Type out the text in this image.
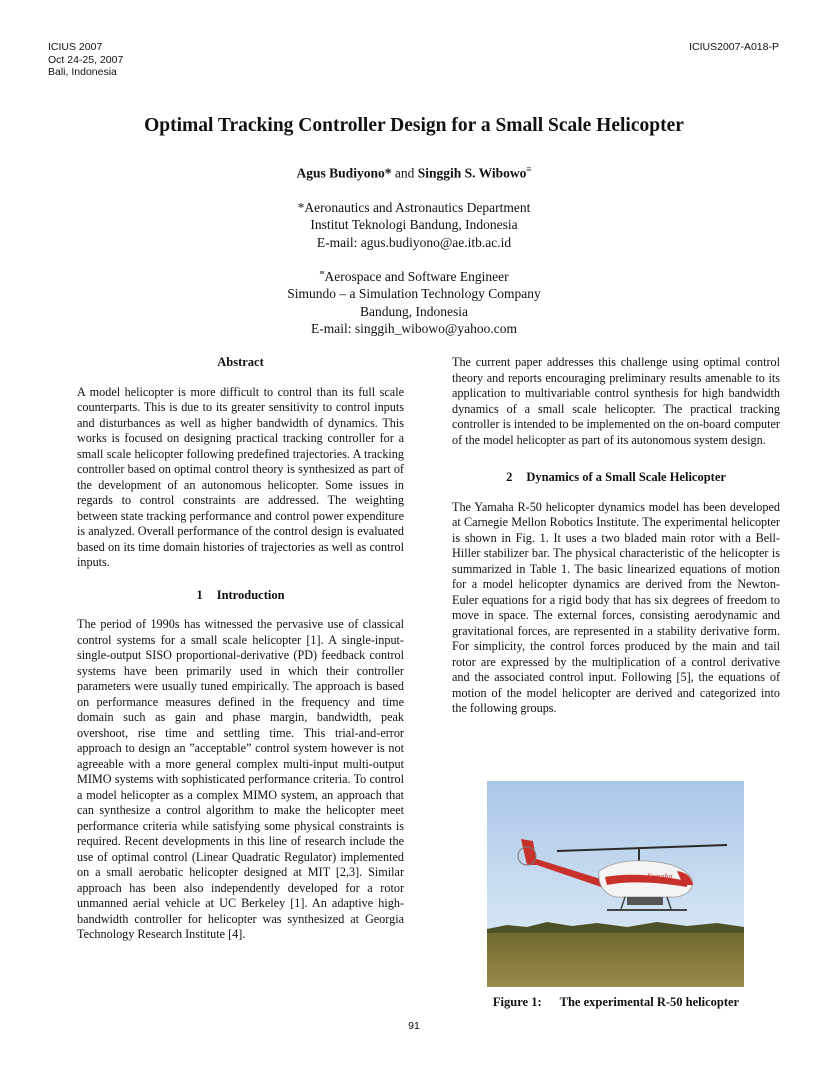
ICIUS 2007
Oct 24-25, 2007
Bali, Indonesia
ICIUS2007-A018-P
Optimal Tracking Controller Design for a Small Scale Helicopter
Agus Budiyono* and Singgih S. Wibowo≡
*Aeronautics and Astronautics Department
Institut Teknologi Bandung, Indonesia
E-mail: agus.budiyono@ae.itb.ac.id
≡Aerospace and Software Engineer
Simundo – a Simulation Technology Company
Bandung, Indonesia
E-mail: singgih_wibowo@yahoo.com
Abstract

A model helicopter is more difficult to control than its full scale counterparts. This is due to its greater sensitivity to control inputs and disturbances as well as higher bandwidth of dynamics. This works is focused on designing practical tracking controller for a small scale helicopter following predefined trajectories. A tracking controller based on optimal control theory is synthesized as part of the development of an autonomous helicopter. Some issues in regards to control constraints are addressed. The weighting between state tracking performance and control power expenditure is analyzed. Overall performance of the control design is evaluated based on its time domain histories of trajectories as well as control inputs.

1 Introduction

The period of 1990s has witnessed the pervasive use of classical control systems for a small scale helicopter [1]. A single-input-single-output SISO proportional-derivative (PD) feedback control systems have been primarily used in which their controller parameters were usually tuned empirically. The approach is based on performance measures defined in the frequency and time domain such as gain and phase margin, bandwidth, peak overshoot, rise time and settling time. This trial-and-error approach to design an ”acceptable” control system however is not agreeable with a more general complex multi-input multi-output MIMO systems with sophisticated performance criteria. To control a model helicopter as a complex MIMO system, an approach that can synthesize a control algorithm to make the helicopter meet performance criteria while satisfying some physical constraints is required. Recent developments in this line of research include the use of optimal control (Linear Quadratic Regulator) implemented on a small aerobatic helicopter designed at MIT [2,3]. Similar approach has been also independently developed for a rotor unmanned aerial vehicle at UC Berkeley [1]. An adaptive high-bandwidth controller for helicopter was synthesized at Georgia Technology Research Institute [4].

The current paper addresses this challenge using optimal control theory and reports encouraging preliminary results amenable to its application to multivariable control synthesis for high bandwidth dynamics of a small scale helicopter. The practical tracking controller is intended to be implemented on the on-board computer of the model helicopter as part of its autonomous system design.

2 Dynamics of a Small Scale Helicopter

The Yamaha R-50 helicopter dynamics model has been developed at Carnegie Mellon Robotics Institute. The experimental helicopter is shown in Fig. 1. It uses a two bladed main rotor with a Bell-Hiller stabilizer bar. The physical characteristic of the helicopter is summarized in Table 1. The basic linearized equations of motion for a model helicopter dynamics are derived from the Newton-Euler equations for a rigid body that has six degrees of freedom to move in space. The external forces, consisting aerodynamic and gravitational forces, are represented in a stability derivative form. For simplicity, the control forces produced by the main and tail rotor are expressed by the multiplication of a control derivative and the associated control input. Following [5], the equations of motion of the model helicopter are derived and categorized into the following groups.

Yamaha
Figure 1: The experimental R-50 helicopter
91
